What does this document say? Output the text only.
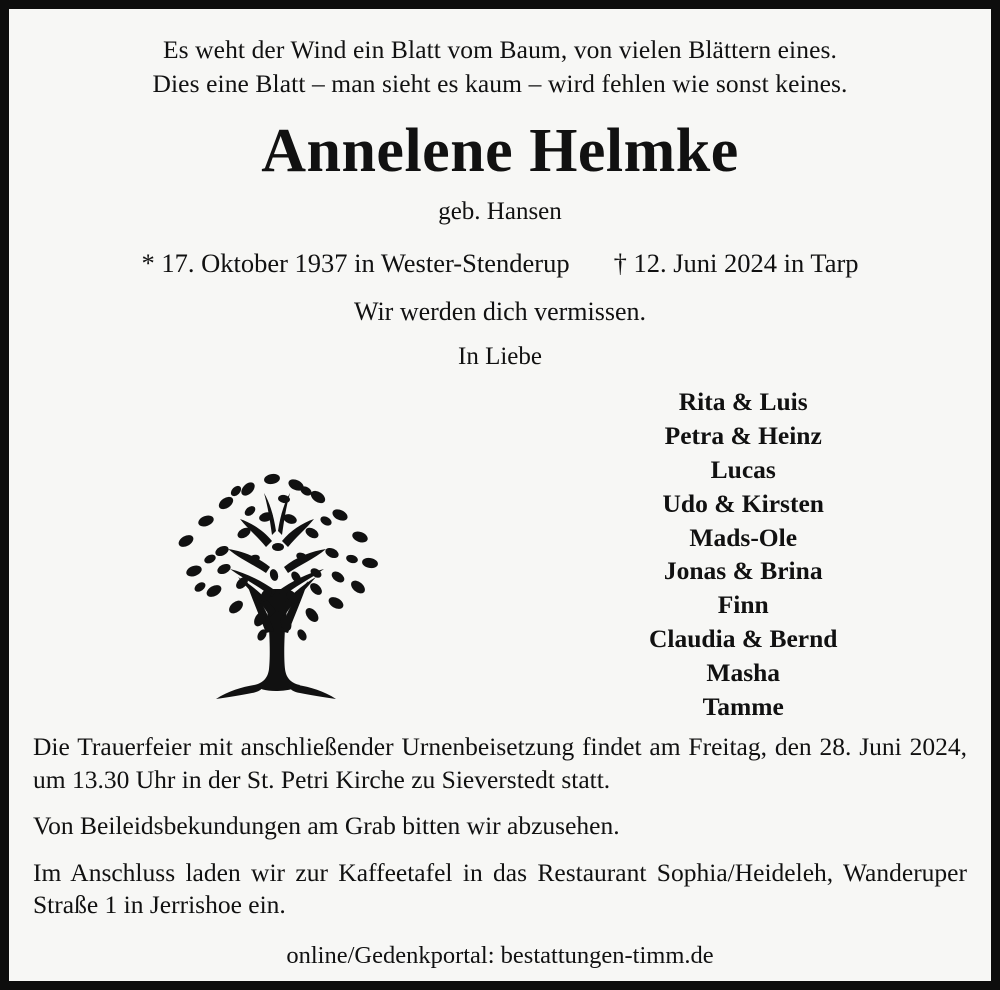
Es weht der Wind ein Blatt vom Baum, von vielen Blättern eines.
Dies eine Blatt – man sieht es kaum – wird fehlen wie sonst keines.
Annelene Helmke
geb. Hansen
* 17. Oktober 1937 in Wester-Stenderup † 12. Juni 2024 in Tarp
Wir werden dich vermissen.
In Liebe
Rita & Luis
Petra & Heinz
Lucas
Udo & Kirsten
Mads-Ole
Jonas & Brina
Finn
Claudia & Bernd
Masha
Tamme
Die Trauerfeier mit anschließender Urnenbeisetzung findet am Freitag, den 28. Juni 2024, um 13.30 Uhr in der St. Petri Kirche zu Sieverstedt statt.
Von Beileidsbekundungen am Grab bitten wir abzusehen.
Im Anschluss laden wir zur Kaffeetafel in das Restaurant Sophia/Heideleh, Wanderuper Straße 1 in Jerrishoe ein.
online/Gedenkportal: bestattungen-timm.de
